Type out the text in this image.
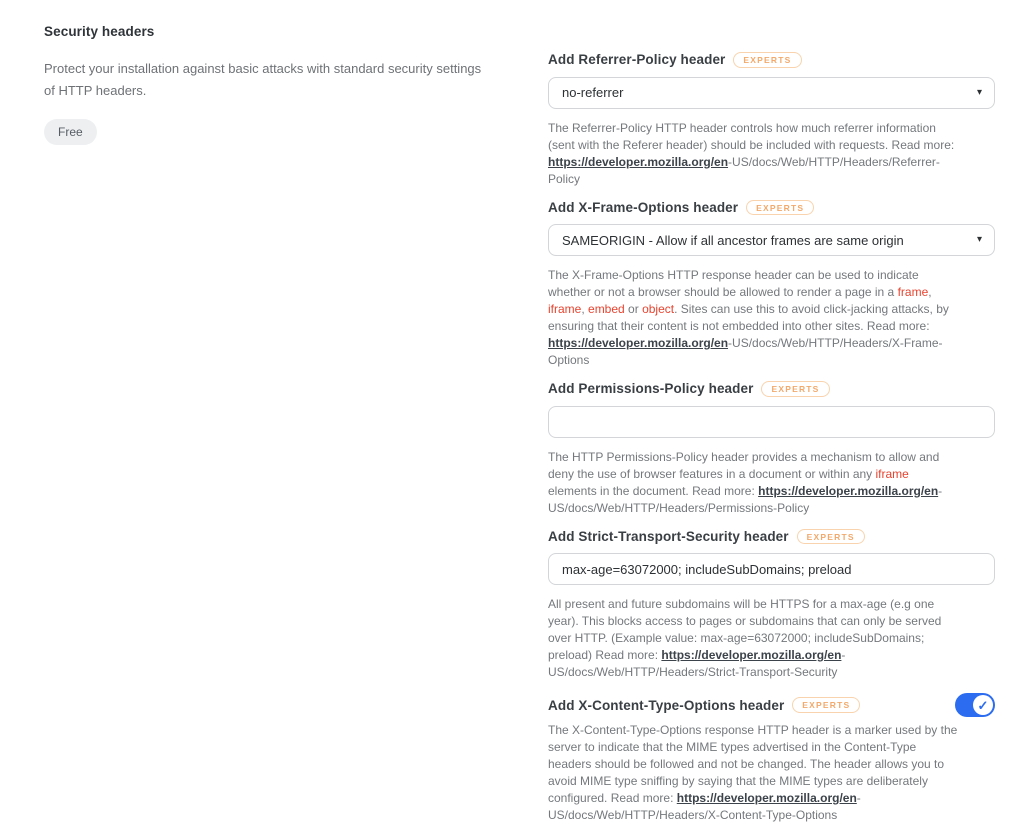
Security headers

Protect your installation against basic attacks with standard security settings of HTTP headers.

Free
Add Referrer-Policy header	EXPERTS
no-referrer
▾

The Referrer-Policy HTTP header controls how much referrer information (sent with the Referer header) should be included with requests. Read more: https://developer.mozilla.org/en-US/docs/Web/HTTP/Headers/Referrer-Policy

Add X-Frame-Options header	EXPERTS
SAMEORIGIN - Allow if all ancestor frames are same origin
▾

The X-Frame-Options HTTP response header can be used to indicate whether or not a browser should be allowed to render a page in a frame, iframe, embed or object. Sites can use this to avoid click-jacking attacks, by ensuring that their content is not embedded into other sites. Read more: https://developer.mozilla.org/en-US/docs/Web/HTTP/Headers/X-Frame-Options

Add Permissions-Policy header	EXPERTS

The HTTP Permissions-Policy header provides a mechanism to allow and deny the use of browser features in a document or within any iframe elements in the document. Read more: https://developer.mozilla.org/en-US/docs/Web/HTTP/Headers/Permissions-Policy

Add Strict-Transport-Security header	EXPERTS
max-age=63072000; includeSubDomains; preload

All present and future subdomains will be HTTPS for a max-age (e.g one year). This blocks access to pages or subdomains that can only be served over HTTP. (Example value: max-age=63072000; includeSubDomains; preload) Read more: https://developer.mozilla.org/en-US/docs/Web/HTTP/Headers/Strict-Transport-Security

Add X-Content-Type-Options header	EXPERTS	✓

The X-Content-Type-Options response HTTP header is a marker used by the server to indicate that the MIME types advertised in the Content-Type headers should be followed and not be changed. The header allows you to avoid MIME type sniffing by saying that the MIME types are deliberately configured. Read more: https://developer.mozilla.org/en-US/docs/Web/HTTP/Headers/X-Content-Type-Options
